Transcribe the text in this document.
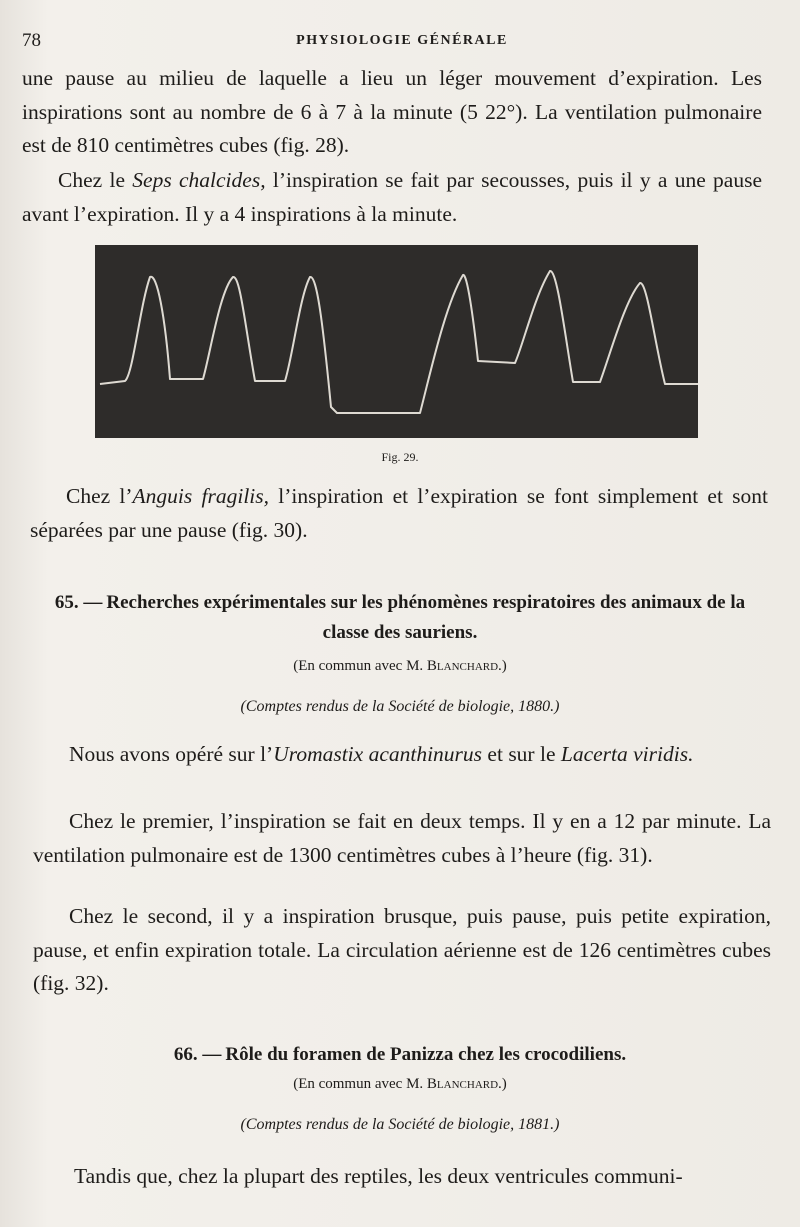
78	PHYSIOLOGIE GÉNÉRALE

une pause au milieu de laquelle a lieu un léger mouvement d’expiration. Les inspirations sont au nombre de 6 à 7 à la minute (5 22°). La ventilation pulmonaire est de 810 centimètres cubes (fig. 28).

Chez le Seps chalcides, l’inspiration se fait par secousses, puis il y a une pause avant l’expiration. Il y a 4 inspirations à la minute.

Fig. 29.

Chez l’Anguis fragilis, l’inspiration et l’expiration se font simplement et sont séparées par une pause (fig. 30).

65. — Recherches expérimentales sur les phénomènes respiratoires des animaux de la classe des sauriens.
(En commun avec M. Blanchard.)
(Comptes rendus de la Société de biologie, 1880.)

Nous avons opéré sur l’Uromastix acanthinurus et sur le Lacerta viridis.

Chez le premier, l’inspiration se fait en deux temps. Il y en a 12 par minute. La ventilation pulmonaire est de 1300 centimètres cubes à l’heure (fig. 31).

Chez le second, il y a inspiration brusque, puis pause, puis petite expiration, pause, et enfin expiration totale. La circulation aérienne est de 126 centimètres cubes (fig. 32).

66. — Rôle du foramen de Panizza chez les crocodiliens.
(En commun avec M. Blanchard.)
(Comptes rendus de la Société de biologie, 1881.)

Tandis que, chez la plupart des reptiles, les deux ventricules communi-
